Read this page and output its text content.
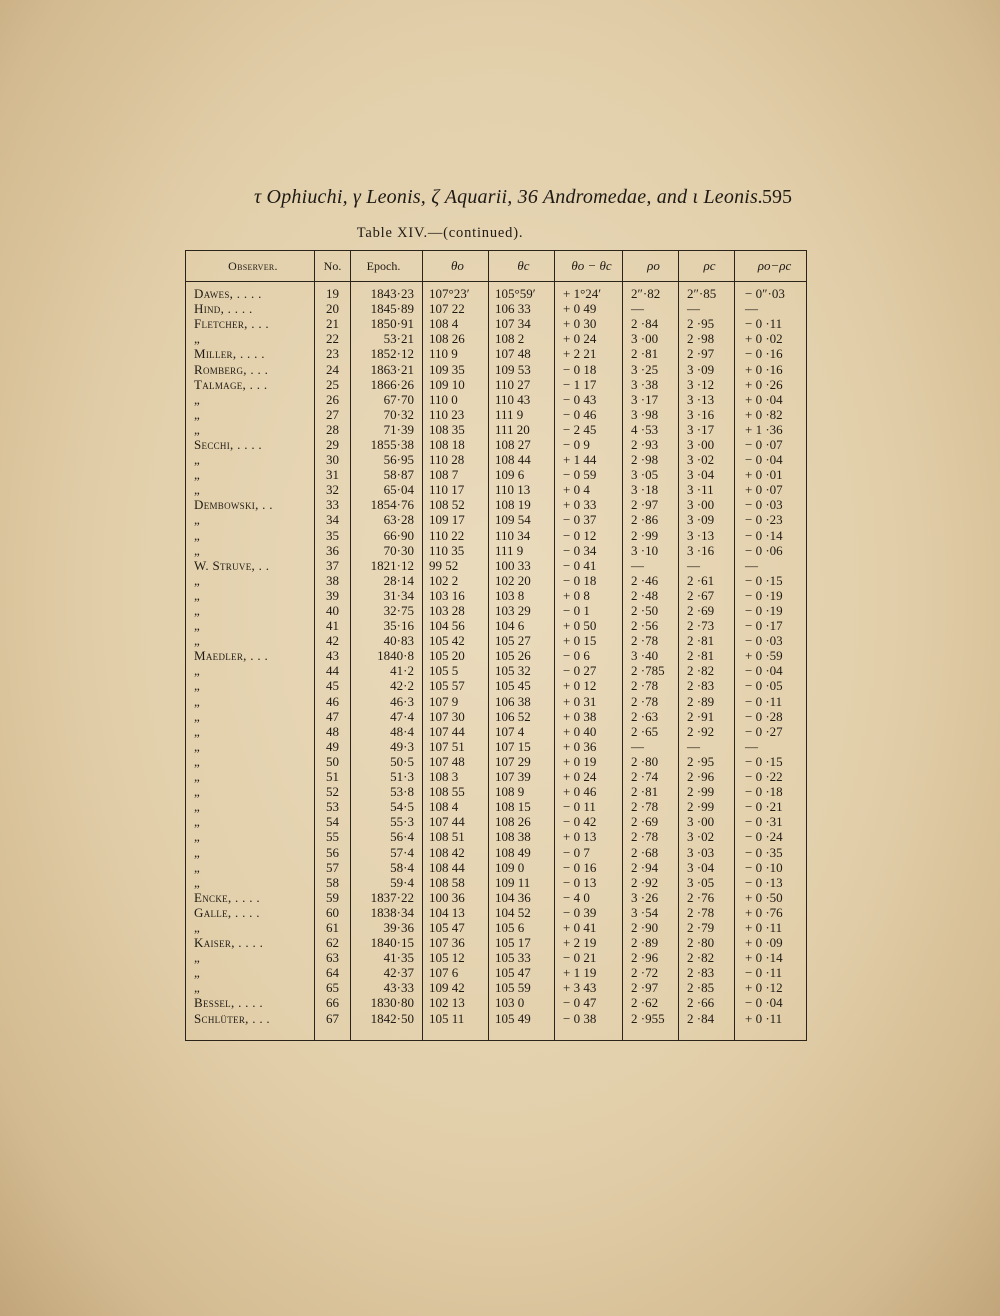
τ Ophiuchi, γ Leonis, ζ Aquarii, 36 Andromedae, and ι Leonis.
595
Table XIV.—(continued).
Observer.	No.	Epoch.	θo	θc	θo − θc	ρo	ρc	ρo−ρc
Dawes, . . . .	19	1843·23	107°23′	105°59′	+ 1°24′	2″·82	2″·85	− 0″·03
Hind, . . . .	20	1845·89	107 22	106 33	+ 0 49	—	—	—
Fletcher, . . .	21	1850·91	108 4	107 34	+ 0 30	2 ·84	2 ·95	− 0 ·11
„	22	53·21	108 26	108 2	+ 0 24	3 ·00	2 ·98	+ 0 ·02
Miller, . . . .	23	1852·12	110 9	107 48	+ 2 21	2 ·81	2 ·97	− 0 ·16
Romberg, . . .	24	1863·21	109 35	109 53	− 0 18	3 ·25	3 ·09	+ 0 ·16
Talmage, . . .	25	1866·26	109 10	110 27	− 1 17	3 ·38	3 ·12	+ 0 ·26
„	26	67·70	110 0	110 43	− 0 43	3 ·17	3 ·13	+ 0 ·04
„	27	70·32	110 23	111 9	− 0 46	3 ·98	3 ·16	+ 0 ·82
„	28	71·39	108 35	111 20	− 2 45	4 ·53	3 ·17	+ 1 ·36
Secchi, . . . .	29	1855·38	108 18	108 27	− 0 9	2 ·93	3 ·00	− 0 ·07
„	30	56·95	110 28	108 44	+ 1 44	2 ·98	3 ·02	− 0 ·04
„	31	58·87	108 7	109 6	− 0 59	3 ·05	3 ·04	+ 0 ·01
„	32	65·04	110 17	110 13	+ 0 4	3 ·18	3 ·11	+ 0 ·07
Dembowski, . .	33	1854·76	108 52	108 19	+ 0 33	2 ·97	3 ·00	− 0 ·03
„	34	63·28	109 17	109 54	− 0 37	2 ·86	3 ·09	− 0 ·23
„	35	66·90	110 22	110 34	− 0 12	2 ·99	3 ·13	− 0 ·14
„	36	70·30	110 35	111 9	− 0 34	3 ·10	3 ·16	− 0 ·06
W. Struve, . .	37	1821·12	99 52	100 33	− 0 41	—	—	—
„	38	28·14	102 2	102 20	− 0 18	2 ·46	2 ·61	− 0 ·15
„	39	31·34	103 16	103 8	+ 0 8	2 ·48	2 ·67	− 0 ·19
„	40	32·75	103 28	103 29	− 0 1	2 ·50	2 ·69	− 0 ·19
„	41	35·16	104 56	104 6	+ 0 50	2 ·56	2 ·73	− 0 ·17
„	42	40·83	105 42	105 27	+ 0 15	2 ·78	2 ·81	− 0 ·03
Maedler, . . .	43	1840·8	105 20	105 26	− 0 6	3 ·40	2 ·81	+ 0 ·59
„	44	41·2	105 5	105 32	− 0 27	2 ·785	2 ·82	− 0 ·04
„	45	42·2	105 57	105 45	+ 0 12	2 ·78	2 ·83	− 0 ·05
„	46	46·3	107 9	106 38	+ 0 31	2 ·78	2 ·89	− 0 ·11
„	47	47·4	107 30	106 52	+ 0 38	2 ·63	2 ·91	− 0 ·28
„	48	48·4	107 44	107 4	+ 0 40	2 ·65	2 ·92	− 0 ·27
„	49	49·3	107 51	107 15	+ 0 36	—	—	—
„	50	50·5	107 48	107 29	+ 0 19	2 ·80	2 ·95	− 0 ·15
„	51	51·3	108 3	107 39	+ 0 24	2 ·74	2 ·96	− 0 ·22
„	52	53·8	108 55	108 9	+ 0 46	2 ·81	2 ·99	− 0 ·18
„	53	54·5	108 4	108 15	− 0 11	2 ·78	2 ·99	− 0 ·21
„	54	55·3	107 44	108 26	− 0 42	2 ·69	3 ·00	− 0 ·31
„	55	56·4	108 51	108 38	+ 0 13	2 ·78	3 ·02	− 0 ·24
„	56	57·4	108 42	108 49	− 0 7	2 ·68	3 ·03	− 0 ·35
„	57	58·4	108 44	109 0	− 0 16	2 ·94	3 ·04	− 0 ·10
„	58	59·4	108 58	109 11	− 0 13	2 ·92	3 ·05	− 0 ·13
Encke, . . . .	59	1837·22	100 36	104 36	− 4 0	3 ·26	2 ·76	+ 0 ·50
Galle, . . . .	60	1838·34	104 13	104 52	− 0 39	3 ·54	2 ·78	+ 0 ·76
„	61	39·36	105 47	105 6	+ 0 41	2 ·90	2 ·79	+ 0 ·11
Kaiser, . . . .	62	1840·15	107 36	105 17	+ 2 19	2 ·89	2 ·80	+ 0 ·09
„	63	41·35	105 12	105 33	− 0 21	2 ·96	2 ·82	+ 0 ·14
„	64	42·37	107 6	105 47	+ 1 19	2 ·72	2 ·83	− 0 ·11
„	65	43·33	109 42	105 59	+ 3 43	2 ·97	2 ·85	+ 0 ·12
Bessel, . . . .	66	1830·80	102 13	103 0	− 0 47	2 ·62	2 ·66	− 0 ·04
Schlüter, . . .	67	1842·50	105 11	105 49	− 0 38	2 ·955	2 ·84	+ 0 ·11
